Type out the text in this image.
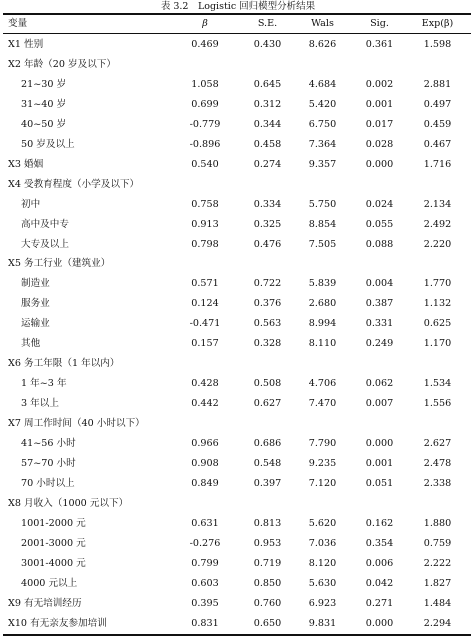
表 3.2　Logistic 回归模型分析结果
变量	β	S.E.	Wals	Sig.	Exp(β)
X1 性别	0.469	0.430	8.626	0.361	1.598
X2 年龄（20 岁及以下）
21~30 岁	1.058	0.645	4.684	0.002	2.881
31~40 岁	0.699	0.312	5.420	0.001	0.497
40~50 岁	-0.779	0.344	6.750	0.017	0.459
50 岁及以上	-0.896	0.458	7.364	0.028	0.467
X3 婚姻	0.540	0.274	9.357	0.000	1.716
X4 受教育程度（小学及以下）
初中	0.758	0.334	5.750	0.024	2.134
高中及中专	0.913	0.325	8.854	0.055	2.492
大专及以上	0.798	0.476	7.505	0.088	2.220
X5 务工行业（建筑业）
制造业	0.571	0.722	5.839	0.004	1.770
服务业	0.124	0.376	2.680	0.387	1.132
运输业	-0.471	0.563	8.994	0.331	0.625
其他	0.157	0.328	8.110	0.249	1.170
X6 务工年限（1 年以内）
1 年~3 年	0.428	0.508	4.706	0.062	1.534
3 年以上	0.442	0.627	7.470	0.007	1.556
X7 周工作时间（40 小时以下）
41~56 小时	0.966	0.686	7.790	0.000	2.627
57~70 小时	0.908	0.548	9.235	0.001	2.478
70 小时以上	0.849	0.397	7.120	0.051	2.338
X8 月收入（1000 元以下）
1001-2000 元	0.631	0.813	5.620	0.162	1.880
2001-3000 元	-0.276	0.953	7.036	0.354	0.759
3001-4000 元	0.799	0.719	8.120	0.006	2.222
4000 元以上	0.603	0.850	5.630	0.042	1.827
X9 有无培训经历	0.395	0.760	6.923	0.271	1.484
X10 有无亲友参加培训	0.831	0.650	9.831	0.000	2.294
